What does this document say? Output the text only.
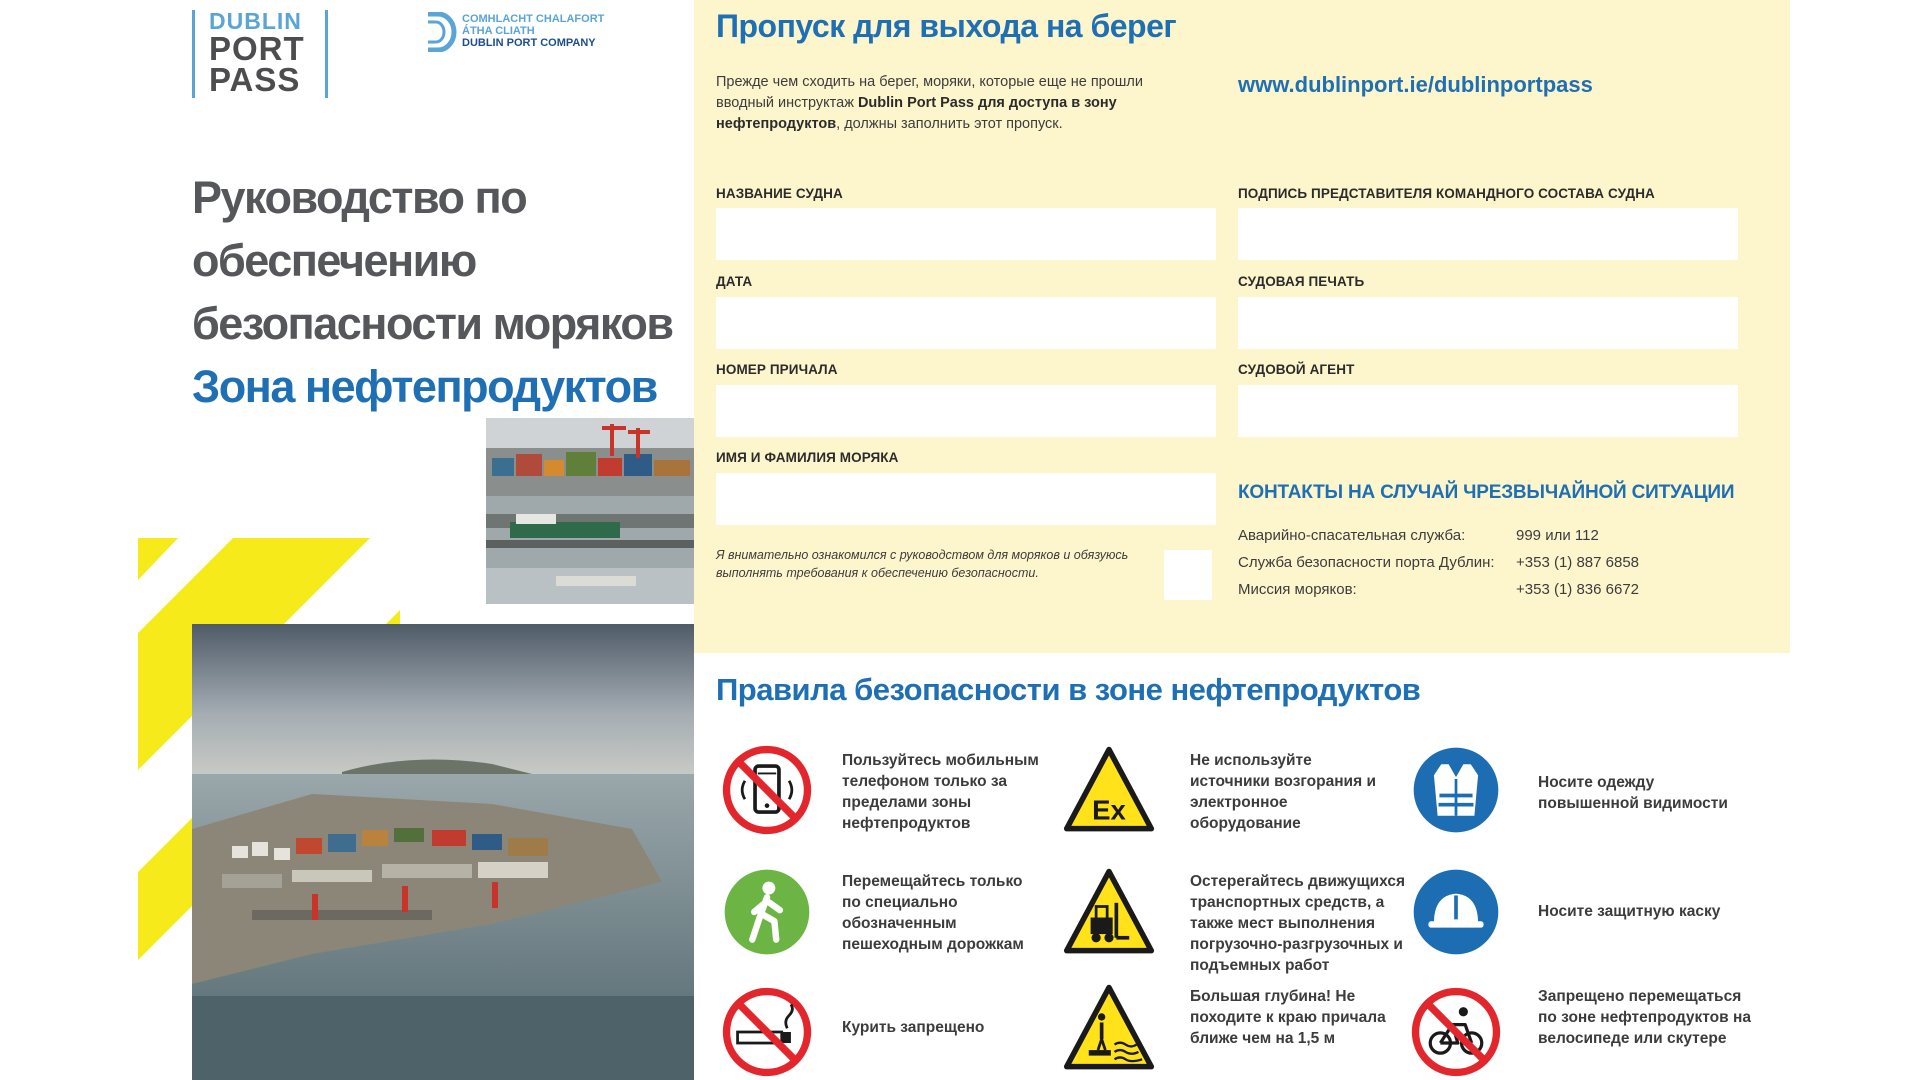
DUBLIN
PORT
PASS
COMHLACHT CHALAFORT
ÁTHA CLIATH
DUBLIN PORT COMPANY
Руководство по
обеспечению
безопасности моряков
Зона нефтепродуктов
Пропуск для выхода на берег
Прежде чем сходить на берег, моряки, которые еще не прошли вводный инструктаж Dublin Port Pass для доступа в зону нефтепродуктов, должны заполнить этот пропуск.
www.dublinport.ie/dublinportpass
НАЗВАНИЕ СУДНА
ДАТА
НОМЕР ПРИЧАЛА
ИМЯ И ФАМИЛИЯ МОРЯКА
Я внимательно ознакомился с руководством для моряков и обязуюсь выполнять требования к обеспечению безопасности.
ПОДПИСЬ ПРЕДСТАВИТЕЛЯ КОМАНДНОГО СОСТАВА СУДНА
СУДОВАЯ ПЕЧАТЬ
СУДОВОЙ АГЕНТ
КОНТАКТЫ НА СЛУЧАЙ ЧРЕЗВЫЧАЙНОЙ СИТУАЦИИ
Аварийно-спасательная служба:	999 или 112
Служба безопасности порта Дублин: +353 (1) 887 6858
Миссия моряков:	+353 (1) 836 6672
Правила безопасности в зоне нефтепродуктов
Пользуйтесь мобильным телефоном только за пределами зоны нефтепродуктов	Ex
Не используйте источники возгорания и электронное оборудование
Носите одежду повышенной видимости
Перемещайтесь только по специально обозначенным пешеходным дорожкам
Остерегайтесь движущихся транспортных средств, а также мест выполнения погрузочно-разгрузочных и подъемных работ
Носите защитную каску
Курить запрещено
Большая глубина! Не походите к краю причала ближе чем на 1,5 м
Запрещено перемещаться по зоне нефтепродуктов на велосипеде или скутере
